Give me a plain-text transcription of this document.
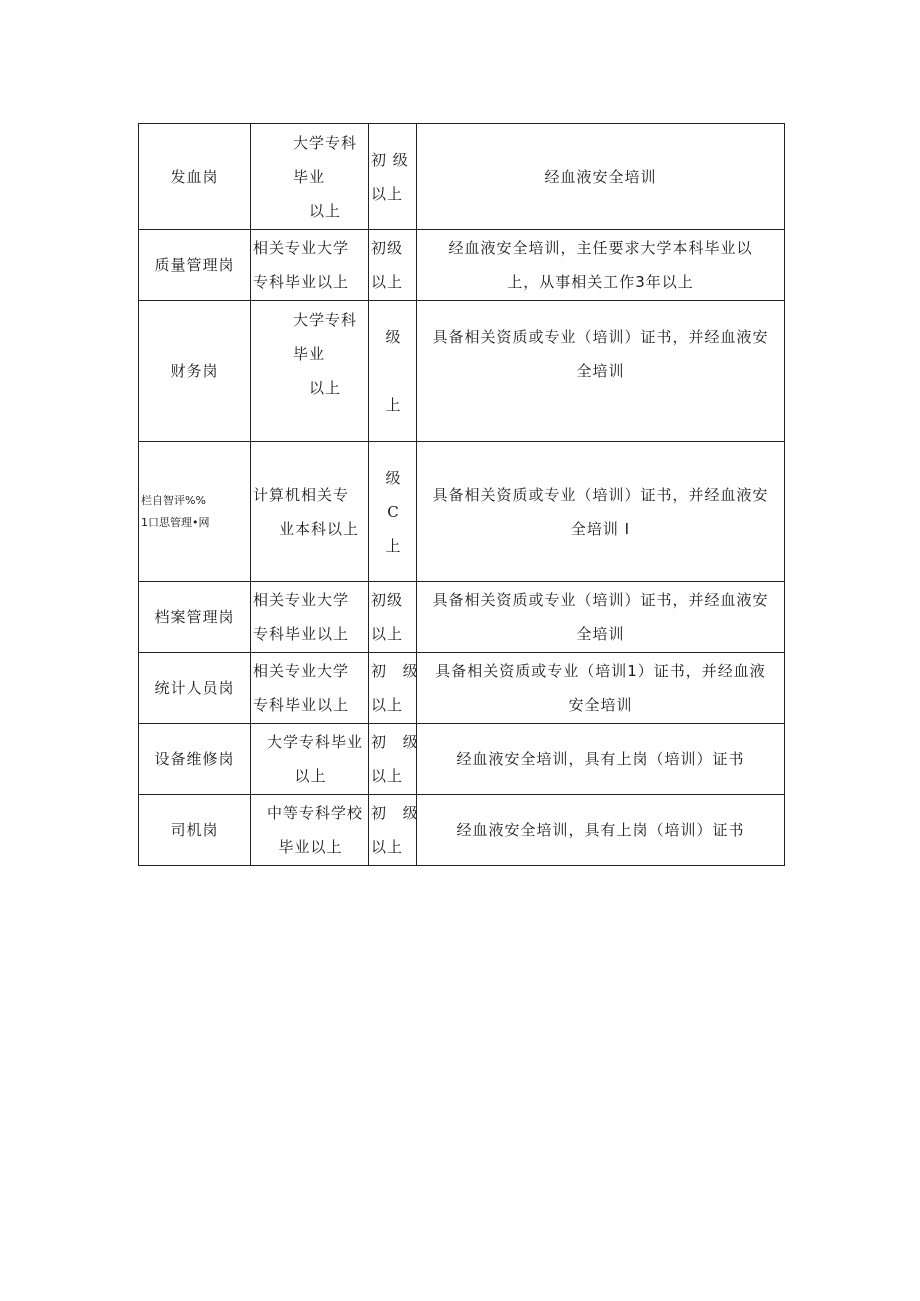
发血岗	大学专科
毕业
以上	初 级
以上	经血液安全培训

质量管理岗	相关专业大学
专科毕业以上	初级
以上	经血液安全培训，主任要求大学本科毕业以
上，从事相关工作3年以上

财务岗	大学专科
毕业
以上	级

上	具备相关资质或专业（培训）证书，并经血液安
全培训

栏自智评%%
1口思管理•网	计算机相关专
业本科以上	级
C
上	具备相关资质或专业（培训）证书，并经血液安
全培训 I

档案管理岗	相关专业大学
专科毕业以上	初级
以上	具备相关资质或专业（培训）证书，并经血液安
全培训

统计人员岗	相关专业大学
专科毕业以上	初 级
以上	具备相关资质或专业（培训1）证书，并经血液
安全培训

设备维修岗	大学专科毕业
以上	初 级
以上	经血液安全培训，具有上岗（培训）证书

司机岗	中等专科学校
毕业以上	初 级
以上	经血液安全培训，具有上岗（培训）证书
